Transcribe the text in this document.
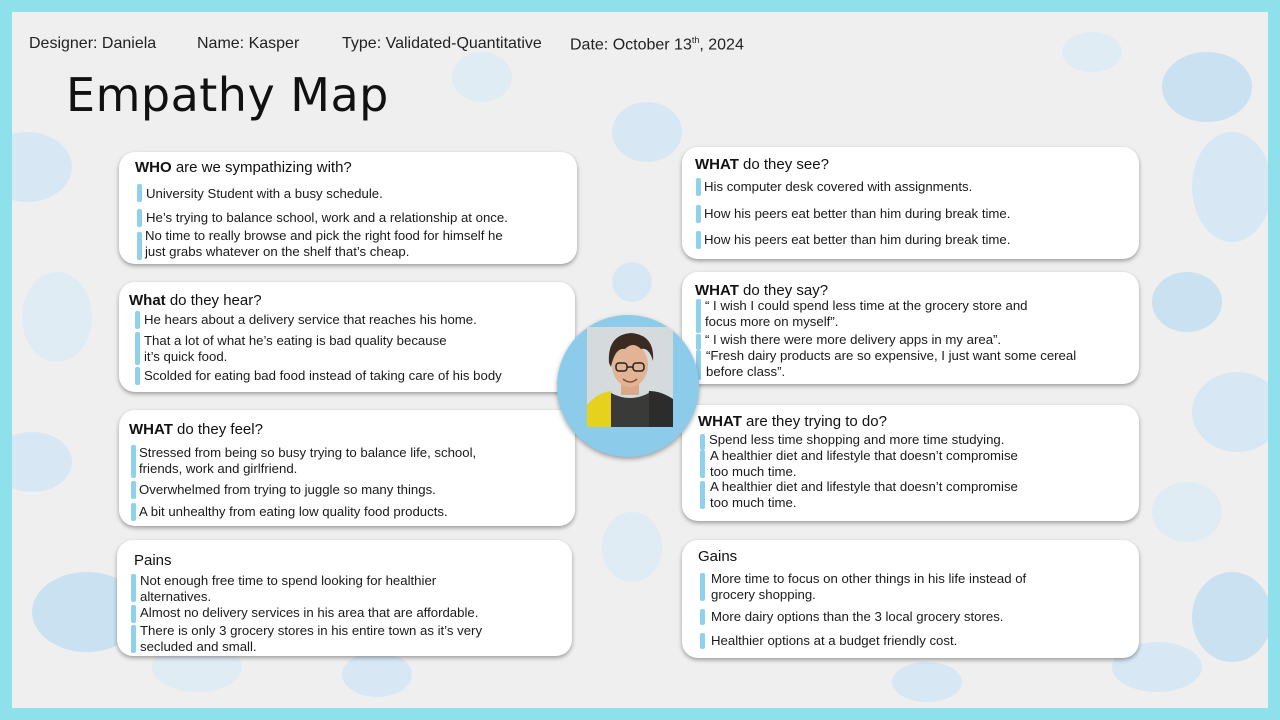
Designer: Daniela	Name: Kasper	Type: Validated-Quantitative Date: October 13th, 2024
Empathy Map
WHO are we sympathizing with?
University Student with a busy schedule.
He’s trying to balance school, work and a relationship at once.
No time to really browse and pick the right food for himself he
just grabs whatever on the shelf that’s cheap.
What do they hear?
He hears about a delivery service that reaches his home.
That a lot of what he’s eating is bad quality because
it’s quick food.
Scolded for eating bad food instead of taking care of his body
WHAT do they feel?
Stressed from being so busy trying to balance life, school,
friends, work and girlfriend.
Overwhelmed from trying to juggle so many things.
A bit unhealthy from eating low quality food products.
Pains
Not enough free time to spend looking for healthier
alternatives.
Almost no delivery services in his area that are affordable.
There is only 3 grocery stores in his entire town as it’s very
secluded and small.
WHAT do they see?
His computer desk covered with assignments.
How his peers eat better than him during break time.
How his peers eat better than him during break time.
WHAT do they say?
“ I wish I could spend less time at the grocery store and
focus more on myself”.
“ I wish there were more delivery apps in my area”.
“Fresh dairy products are so expensive, I just want some cereal
before class”.
WHAT are they trying to do?
Spend less time shopping and more time studying.
A healthier diet and lifestyle that doesn’t compromise
too much time.
A healthier diet and lifestyle that doesn’t compromise
too much time.
Gains
More time to focus on other things in his life instead of
grocery shopping.
More dairy options than the 3 local grocery stores.
Healthier options at a budget friendly cost.
